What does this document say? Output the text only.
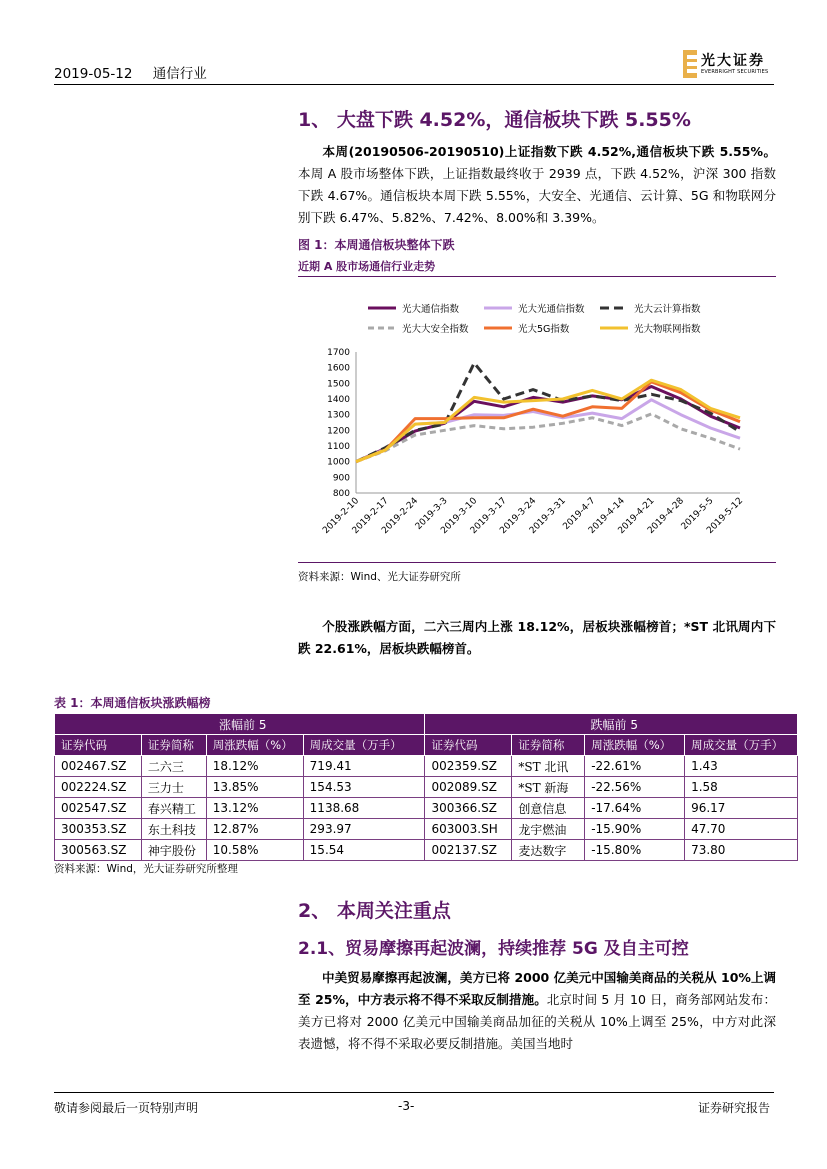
2019-05-12 通信行业
光大证券
EVERBRIGHT SECURITIES
1、 大盘下跌 4.52%，通信板块下跌 5.55%
本周(20190506-20190510)上证指数下跌 4.52%,通信板块下跌 5.55%。本周 A 股市场整体下跌，上证指数最终收于 2939 点，下跌 4.52%，沪深 300 指数下跌 4.67%。通信板块本周下跌 5.55%，大安全、光通信、云计算、5G 和物联网分别下跌 6.47%、5.82%、7.42%、8.00%和 3.39%。
图 1：本周通信板块整体下跌
近期 A 股市场通信行业走势
光大通信指数	光大光通信指数	光大云计算指数
光大大安全指数	光大5G指数	光大物联网指数
800
900
1000
1100
1200
1300
1400
1500
1600
1700
2019-2-10
2019-2-17
2019-2-24
2019-3-3
2019-3-10
2019-3-17
2019-3-24
2019-3-31
2019-4-7
2019-4-14
2019-4-21
2019-4-28
2019-5-5
2019-5-12
资料来源：Wind、光大证券研究所
个股涨跌幅方面，二六三周内上涨 18.12%，居板块涨幅榜首；*ST 北讯周内下跌 22.61%，居板块跌幅榜首。
表 1：本周通信板块涨跌幅榜
涨幅前 5				跌幅前 5			
证券代码	证券简称	周涨跌幅（%）	周成交量（万手）	证券代码	证券简称	周涨跌幅（%）	周成交量（万手）
002467.SZ	二六三	18.12%	719.41	002359.SZ	*ST 北讯	-22.61%	1.43
002224.SZ	三力士	13.85%	154.53	002089.SZ	*ST 新海	-22.56%	1.58
002547.SZ	春兴精工	13.12%	1138.68	300366.SZ	创意信息	-17.64%	96.17
300353.SZ	东土科技	12.87%	293.97	603003.SH	龙宇燃油	-15.90%	47.70
300563.SZ	神宇股份	10.58%	15.54	002137.SZ	麦达数字	-15.80%	73.80
资料来源：Wind，光大证券研究所整理
2、 本周关注重点
2.1、贸易摩擦再起波澜，持续推荐 5G 及自主可控
中美贸易摩擦再起波澜，美方已将 2000 亿美元中国输美商品的关税从 10%上调至 25%，中方表示将不得不采取反制措施。北京时间 5 月 10 日，商务部网站发布：美方已将对 2000 亿美元中国输美商品加征的关税从 10%上调至 25%，中方对此深表遗憾，将不得不采取必要反制措施。美国当地时
敬请参阅最后一页特别声明	-3-	证券研究报告
